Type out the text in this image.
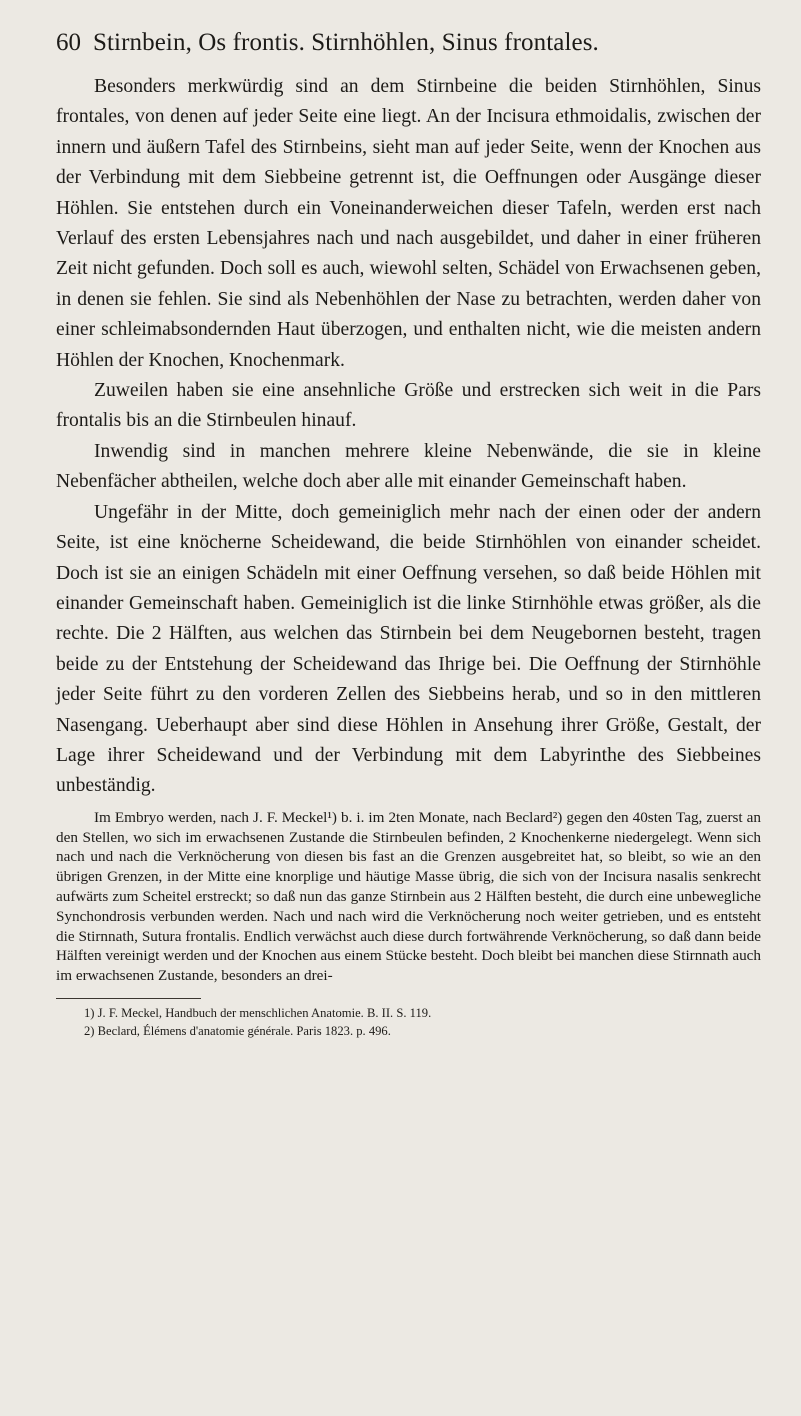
60 Stirnbein, Os frontis. Stirnhöhlen, Sinus frontales.

Besonders merkwürdig sind an dem Stirnbeine die beiden Stirnhöhlen, Sinus frontales, von denen auf jeder Seite eine liegt. An der Incisura ethmoidalis, zwischen der innern und äußern Tafel des Stirnbeins, sieht man auf jeder Seite, wenn der Knochen aus der Verbindung mit dem Siebbeine getrennt ist, die Oeffnungen oder Ausgänge dieser Höhlen. Sie entstehen durch ein Voneinanderweichen dieser Tafeln, werden erst nach Verlauf des ersten Lebensjahres nach und nach ausgebildet, und daher in einer früheren Zeit nicht gefunden. Doch soll es auch, wiewohl selten, Schädel von Erwachsenen geben, in denen sie fehlen. Sie sind als Nebenhöhlen der Nase zu betrachten, werden daher von einer schleimabsondernden Haut überzogen, und enthalten nicht, wie die meisten andern Höhlen der Knochen, Knochenmark.

Zuweilen haben sie eine ansehnliche Größe und erstrecken sich weit in die Pars frontalis bis an die Stirnbeulen hinauf.

Inwendig sind in manchen mehrere kleine Nebenwände, die sie in kleine Nebenfächer abtheilen, welche doch aber alle mit einander Gemeinschaft haben.

Ungefähr in der Mitte, doch gemeiniglich mehr nach der einen oder der andern Seite, ist eine knöcherne Scheidewand, die beide Stirnhöhlen von einander scheidet. Doch ist sie an einigen Schädeln mit einer Oeffnung versehen, so daß beide Höhlen mit einander Gemeinschaft haben. Gemeiniglich ist die linke Stirnhöhle etwas größer, als die rechte. Die 2 Hälften, aus welchen das Stirnbein bei dem Neugebornen besteht, tragen beide zu der Entstehung der Scheidewand das Ihrige bei. Die Oeffnung der Stirnhöhle jeder Seite führt zu den vorderen Zellen des Siebbeins herab, und so in den mittleren Nasengang. Ueberhaupt aber sind diese Höhlen in Ansehung ihrer Größe, Gestalt, der Lage ihrer Scheidewand und der Verbindung mit dem Labyrinthe des Siebbeines unbeständig.

Im Embryo werden, nach J. F. Meckel¹) b. i. im 2ten Monate, nach Beclard²) gegen den 40sten Tag, zuerst an den Stellen, wo sich im erwachsenen Zustande die Stirnbeulen befinden, 2 Knochenkerne niedergelegt. Wenn sich nach und nach die Verknöcherung von diesen bis fast an die Grenzen ausgebreitet hat, so bleibt, so wie an den übrigen Grenzen, in der Mitte eine knorplige und häutige Masse übrig, die sich von der Incisura nasalis senkrecht aufwärts zum Scheitel erstreckt; so daß nun das ganze Stirnbein aus 2 Hälften besteht, die durch eine unbewegliche Synchondrosis verbunden werden. Nach und nach wird die Verknöcherung noch weiter getrieben, und es entsteht die Stirnnath, Sutura frontalis. Endlich verwächst auch diese durch fortwährende Verknöcherung, so daß dann beide Hälften vereinigt werden und der Knochen aus einem Stücke besteht. Doch bleibt bei manchen diese Stirnnath auch im erwachsenen Zustande, besonders an drei-

1) J. F. Meckel, Handbuch der menschlichen Anatomie. B. II. S. 119.
2) Beclard, Élémens d'anatomie générale. Paris 1823. p. 496.
